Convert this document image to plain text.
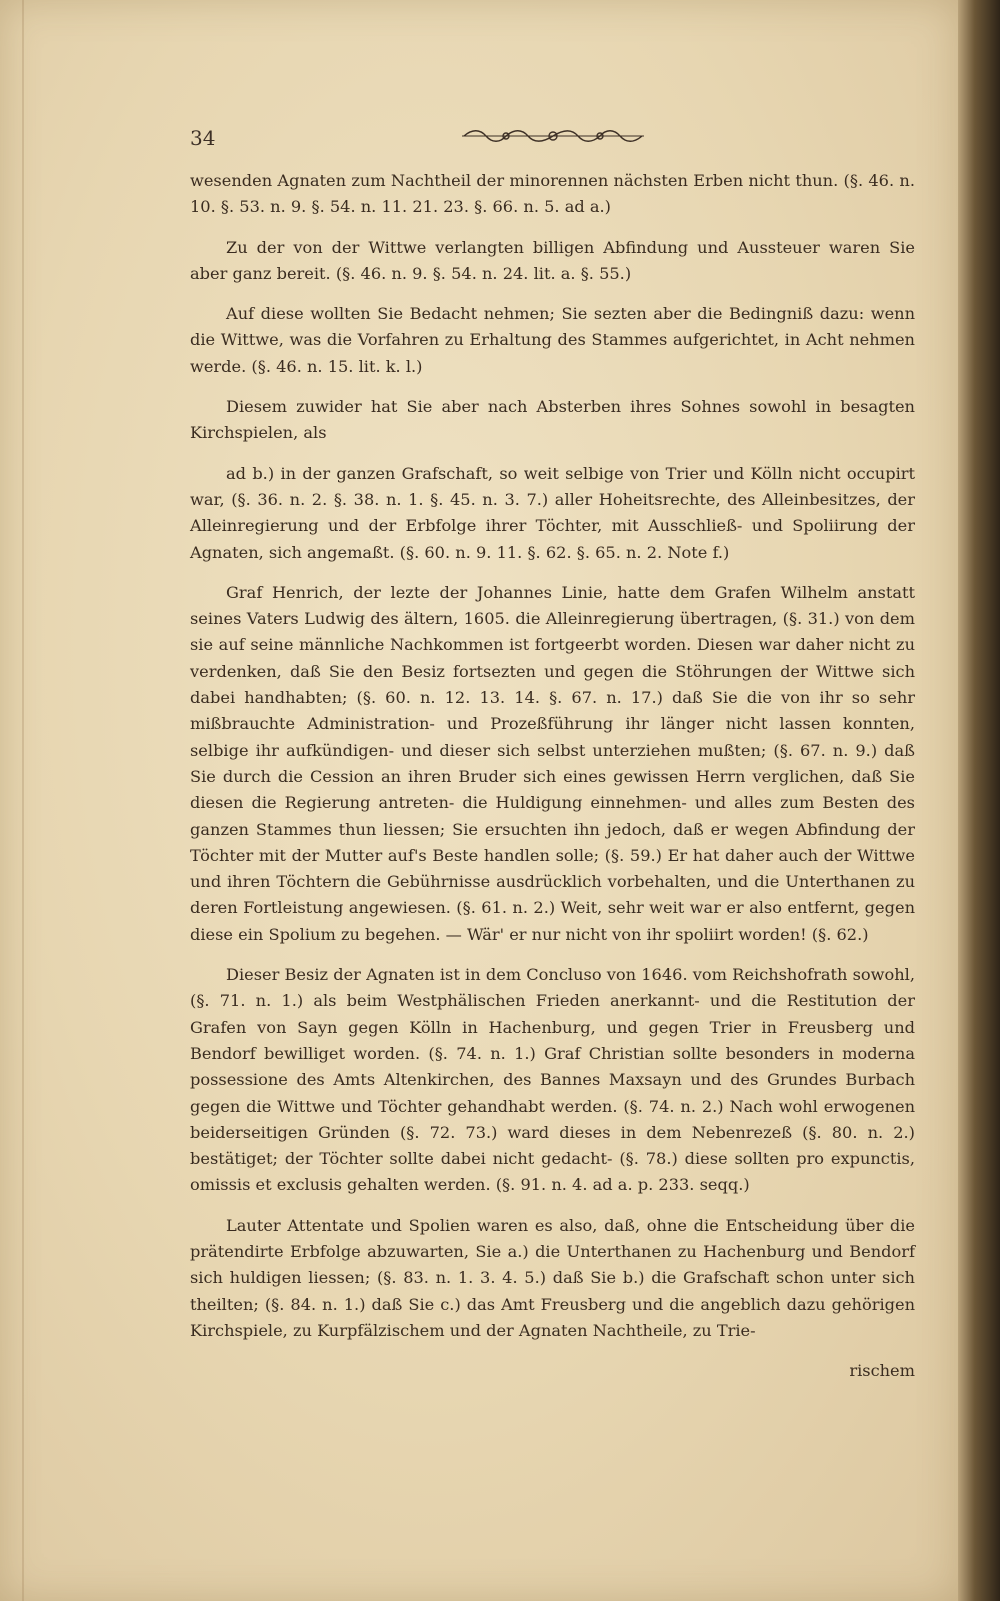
34

wesenden Agnaten zum Nachtheil der minorennen nächsten Erben nicht thun. (§. 46. n. 10. §. 53. n. 9. §. 54. n. 11. 21. 23. §. 66. n. 5. ad a.)

Zu der von der Wittwe verlangten billigen Abfindung und Aussteuer waren Sie aber ganz bereit. (§. 46. n. 9. §. 54. n. 24. lit. a. §. 55.)

Auf diese wollten Sie Bedacht nehmen; Sie sezten aber die Bedingniß dazu: wenn die Wittwe, was die Vorfahren zu Erhaltung des Stammes aufgerichtet, in Acht nehmen werde. (§. 46. n. 15. lit. k. l.)

Diesem zuwider hat Sie aber nach Absterben ihres Sohnes sowohl in besagten Kirchspielen, als

ad b.) in der ganzen Grafschaft, so weit selbige von Trier und Kölln nicht occupirt war, (§. 36. n. 2. §. 38. n. 1. §. 45. n. 3. 7.) aller Hoheitsrechte, des Alleinbesitzes, der Alleinregierung und der Erbfolge ihrer Töchter, mit Ausschließ- und Spoliirung der Agnaten, sich angemaßt. (§. 60. n. 9. 11. §. 62. §. 65. n. 2. Note f.)

Graf Henrich, der lezte der Johannes Linie, hatte dem Grafen Wilhelm anstatt seines Vaters Ludwig des ältern, 1605. die Alleinregierung übertragen, (§. 31.) von dem sie auf seine männliche Nachkommen ist fortgeerbt worden. Diesen war daher nicht zu verdenken, daß Sie den Besiz fortsezten und gegen die Stöhrungen der Wittwe sich dabei handhabten; (§. 60. n. 12. 13. 14. §. 67. n. 17.) daß Sie die von ihr so sehr mißbrauchte Administration- und Prozeßführung ihr länger nicht lassen konnten, selbige ihr aufkündigen- und dieser sich selbst unterziehen mußten; (§. 67. n. 9.) daß Sie durch die Cession an ihren Bruder sich eines gewissen Herrn verglichen, daß Sie diesen die Regierung antreten- die Huldigung einnehmen- und alles zum Besten des ganzen Stammes thun liessen; Sie ersuchten ihn jedoch, daß er wegen Abfindung der Töchter mit der Mutter auf's Beste handlen solle; (§. 59.) Er hat daher auch der Wittwe und ihren Töchtern die Gebührnisse ausdrücklich vorbehalten, und die Unterthanen zu deren Fortleistung angewiesen. (§. 61. n. 2.) Weit, sehr weit war er also entfernt, gegen diese ein Spolium zu begehen. — Wär' er nur nicht von ihr spoliirt worden! (§. 62.)

Dieser Besiz der Agnaten ist in dem Concluso von 1646. vom Reichshofrath sowohl, (§. 71. n. 1.) als beim Westphälischen Frieden anerkannt- und die Restitution der Grafen von Sayn gegen Kölln in Hachenburg, und gegen Trier in Freusberg und Bendorf bewilliget worden. (§. 74. n. 1.) Graf Christian sollte besonders in moderna possessione des Amts Altenkirchen, des Bannes Maxsayn und des Grundes Burbach gegen die Wittwe und Töchter gehandhabt werden. (§. 74. n. 2.) Nach wohl erwogenen beiderseitigen Gründen (§. 72. 73.) ward dieses in dem Nebenrezeß (§. 80. n. 2.) bestätiget; der Töchter sollte dabei nicht gedacht- (§. 78.) diese sollten pro expunctis, omissis et exclusis gehalten werden. (§. 91. n. 4. ad a. p. 233. seqq.)

Lauter Attentate und Spolien waren es also, daß, ohne die Entscheidung über die prätendirte Erbfolge abzuwarten, Sie a.) die Unterthanen zu Hachenburg und Bendorf sich huldigen liessen; (§. 83. n. 1. 3. 4. 5.) daß Sie b.) die Grafschaft schon unter sich theilten; (§. 84. n. 1.) daß Sie c.) das Amt Freusberg und die angeblich dazu gehörigen Kirchspiele, zu Kurpfälzischem und der Agnaten Nachtheile, zu Trie-

rischem
